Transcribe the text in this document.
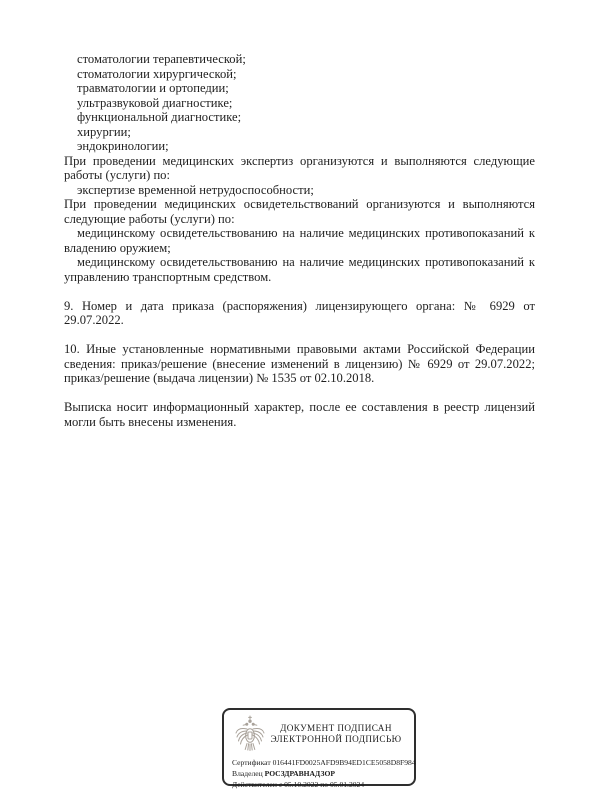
стоматологии терапевтической;
стоматологии хирургической;
травматологии и ортопедии;
ультразвуковой диагностике;
функциональной диагностике;
хирургии;
эндокринологии;

При проведении медицинских экспертиз организуются и выполняются следующие работы (услуги) по:

экспертизе временной нетрудоспособности;

При проведении медицинских освидетельствований организуются и выполняются следующие работы (услуги) по:

медицинскому освидетельствованию на наличие медицинских противопоказаний к владению оружием;
медицинскому освидетельствованию на наличие медицинских противопоказаний к управлению транспортным средством.

9. Номер и дата приказа (распоряжения) лицензирующего органа: № 6929 от 29.07.2022.

10. Иные установленные нормативными правовыми актами Российской Федерации сведения: приказ/решение (внесение изменений в лицензию) № 6929 от 29.07.2022; приказ/решение (выдача лицензии) № 1535 от 02.10.2018.

Выписка носит информационный характер, после ее составления в реестр лицензий могли быть внесены изменения.

ДОКУМЕНТ ПОДПИСАН
ЭЛЕКТРОННОЙ ПОДПИСЬЮ
Сертификат 016441FD0025AFD9B94ED1CE5058D8F984
Владелец РОСЗДРАВНАДЗОР
Действителен с 05.10.2022 по 05.01.2024
